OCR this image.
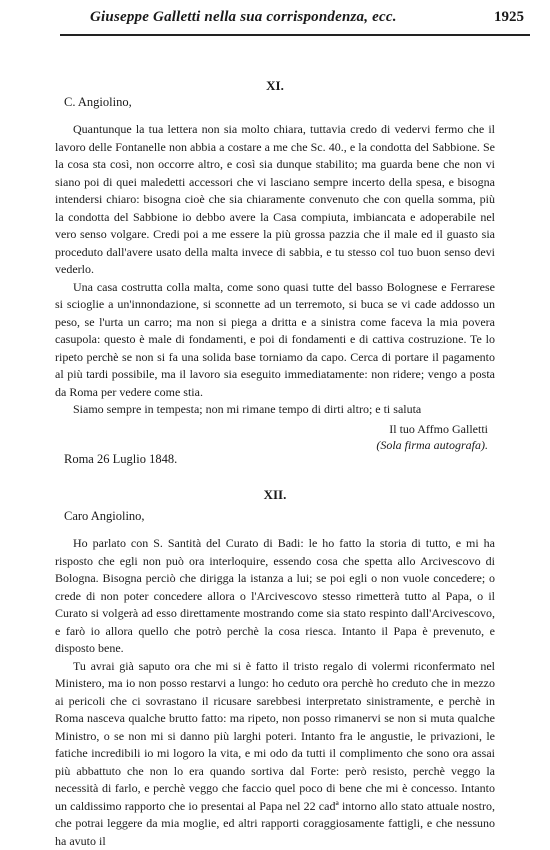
Giuseppe Galletti nella sua corrispondenza, ecc.	1925
XI.
C. Angiolino,

Quantunque la tua lettera non sia molto chiara, tuttavia credo di vedervi fermo che il lavoro delle Fontanelle non abbia a costare a me che Sc. 40., e la condotta del Sabbione. Se la cosa sta così, non occorre altro, e così sia dunque stabilito; ma guarda bene che non vi siano poi di quei maledetti accessori che vi lasciano sempre incerto della spesa, e bisogna intendersi chiaro: bisogna cioè che sia chiaramente convenuto che con quella somma, più la condotta del Sabbione io debbo avere la Casa compiuta, imbiancata e adoperabile nel vero senso volgare. Credi poi a me essere la più grossa pazzia che il male ed il guasto sia proceduto dall'avere usato della malta invece di sabbia, e tu stesso col tuo buon senso devi vederlo.

Una casa costrutta colla malta, come sono quasi tutte del basso Bolognese e Ferrarese si scioglie a un'innondazione, si sconnette ad un terremoto, si buca se vi cade addosso un peso, se l'urta un carro; ma non si piega a dritta e a sinistra come faceva la mia povera casupola: questo è male di fondamenti, e poi di fondamenti e di cattiva costruzione. Te lo ripeto perchè se non si fa una solida base torniamo da capo. Cerca di portare il pagamento al più tardi possibile, ma il lavoro sia eseguito immediatamente: non ridere; vengo a posta da Roma per vedere come stia.

Siamo sempre in tempesta; non mi rimane tempo di dirti altro; e ti saluta

Il tuo Affmo Galletti
(Sola firma autografa).
Roma 26 Luglio 1848.
XII.
Caro Angiolino,

Ho parlato con S. Santità del Curato di Badi: le ho fatto la storia di tutto, e mi ha risposto che egli non può ora interloquire, essendo cosa che spetta allo Arcivescovo di Bologna. Bisogna perciò che dirigga la istanza a lui; se poi egli o non vuole concedere; o crede di non poter concedere allora o l'Arcivescovo stesso rimetterà tutto al Papa, o il Curato si volgerà ad esso direttamente mostrando come sia stato respinto dall'Arcivescovo, e farò io allora quello che potrò perchè la cosa riesca. Intanto il Papa è prevenuto, e disposto bene.

Tu avrai già saputo ora che mi si è fatto il tristo regalo di volermi riconfermato nel Ministero, ma io non posso restarvi a lungo: ho ceduto ora perchè ho creduto che in mezzo ai pericoli che ci sovrastano il ricusare sarebbesi interpretato sinistramente, e perchè in Roma nasceva qualche brutto fatto: ma ripeto, non posso rimanervi se non si muta qualche Ministro, o se non mi si danno più larghi poteri. Intanto fra le angustie, le privazioni, le fatiche incredibili io mi logoro la vita, e mi odo da tutti il complimento che sono ora assai più abbattuto che non lo era quando sortiva dal Forte: però resisto, perchè veggo la necessità di farlo, e perchè veggo che faccio quel poco di bene che mi è concesso. Intanto un caldissimo rapporto che io presentai al Papa nel 22 cadª intorno allo stato attuale nostro, che potrai leggere da mia moglie, ed altri rapporti coraggiosamente fattigli, e che nessuno ha avuto il
